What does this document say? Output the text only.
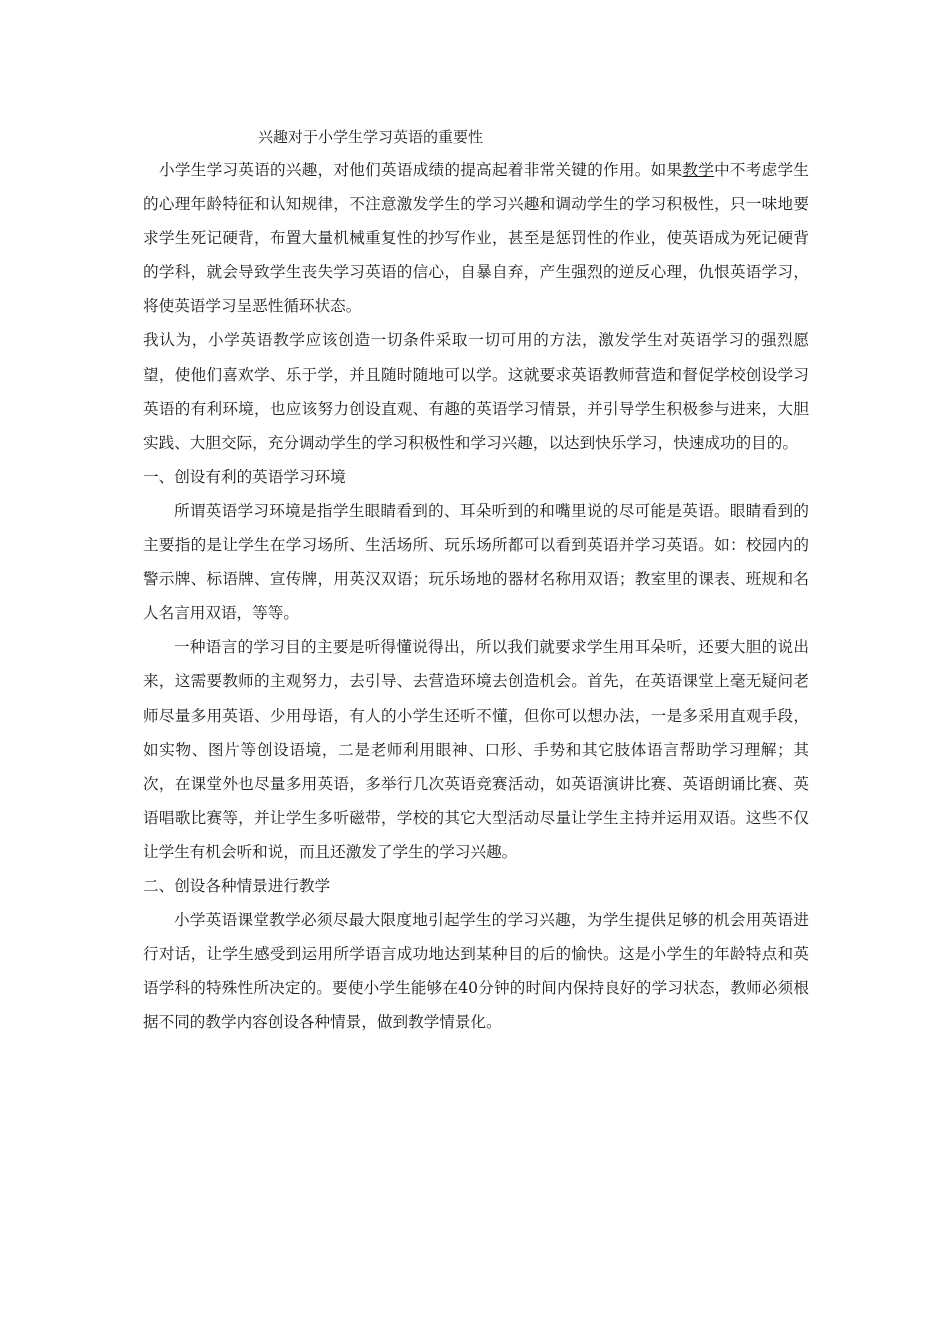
兴趣对于小学生学习英语的重要性

小学生学习英语的兴趣，对他们英语成绩的提高起着非常关键的作用。如果教学中不考虑学生的心理年龄特征和认知规律，不注意激发学生的学习兴趣和调动学生的学习积极性，只一味地要求学生死记硬背，布置大量机械重复性的抄写作业，甚至是惩罚性的作业，使英语成为死记硬背的学科，就会导致学生丧失学习英语的信心，自暴自弃，产生强烈的逆反心理，仇恨英语学习，将使英语学习呈恶性循环状态。

我认为，小学英语教学应该创造一切条件采取一切可用的方法，激发学生对英语学习的强烈愿望，使他们喜欢学、乐于学，并且随时随地可以学。这就要求英语教师营造和督促学校创设学习英语的有利环境，也应该努力创设直观、有趣的英语学习情景，并引导学生积极参与进来，大胆实践、大胆交际，充分调动学生的学习积极性和学习兴趣，以达到快乐学习，快速成功的目的。

一、创设有利的英语学习环境

所谓英语学习环境是指学生眼睛看到的、耳朵听到的和嘴里说的尽可能是英语。眼睛看到的主要指的是让学生在学习场所、生活场所、玩乐场所都可以看到英语并学习英语。如：校园内的警示牌、标语牌、宣传牌，用英汉双语；玩乐场地的器材名称用双语；教室里的课表、班规和名人名言用双语，等等。

一种语言的学习目的主要是听得懂说得出，所以我们就要求学生用耳朵听，还要大胆的说出来，这需要教师的主观努力，去引导、去营造环境去创造机会。首先，在英语课堂上毫无疑问老师尽量多用英语、少用母语，有人的小学生还听不懂，但你可以想办法，一是多采用直观手段，如实物、图片等创设语境，二是老师利用眼神、口形、手势和其它肢体语言帮助学习理解；其次，在课堂外也尽量多用英语，多举行几次英语竞赛活动，如英语演讲比赛、英语朗诵比赛、英语唱歌比赛等，并让学生多听磁带，学校的其它大型活动尽量让学生主持并运用双语。这些不仅让学生有机会听和说，而且还激发了学生的学习兴趣。

二、创设各种情景进行教学

小学英语课堂教学必须尽最大限度地引起学生的学习兴趣，为学生提供足够的机会用英语进行对话，让学生感受到运用所学语言成功地达到某种目的后的愉快。这是小学生的年龄特点和英语学科的特殊性所决定的。要使小学生能够在40分钟的时间内保持良好的学习状态，教师必须根据不同的教学内容创设各种情景，做到教学情景化。
